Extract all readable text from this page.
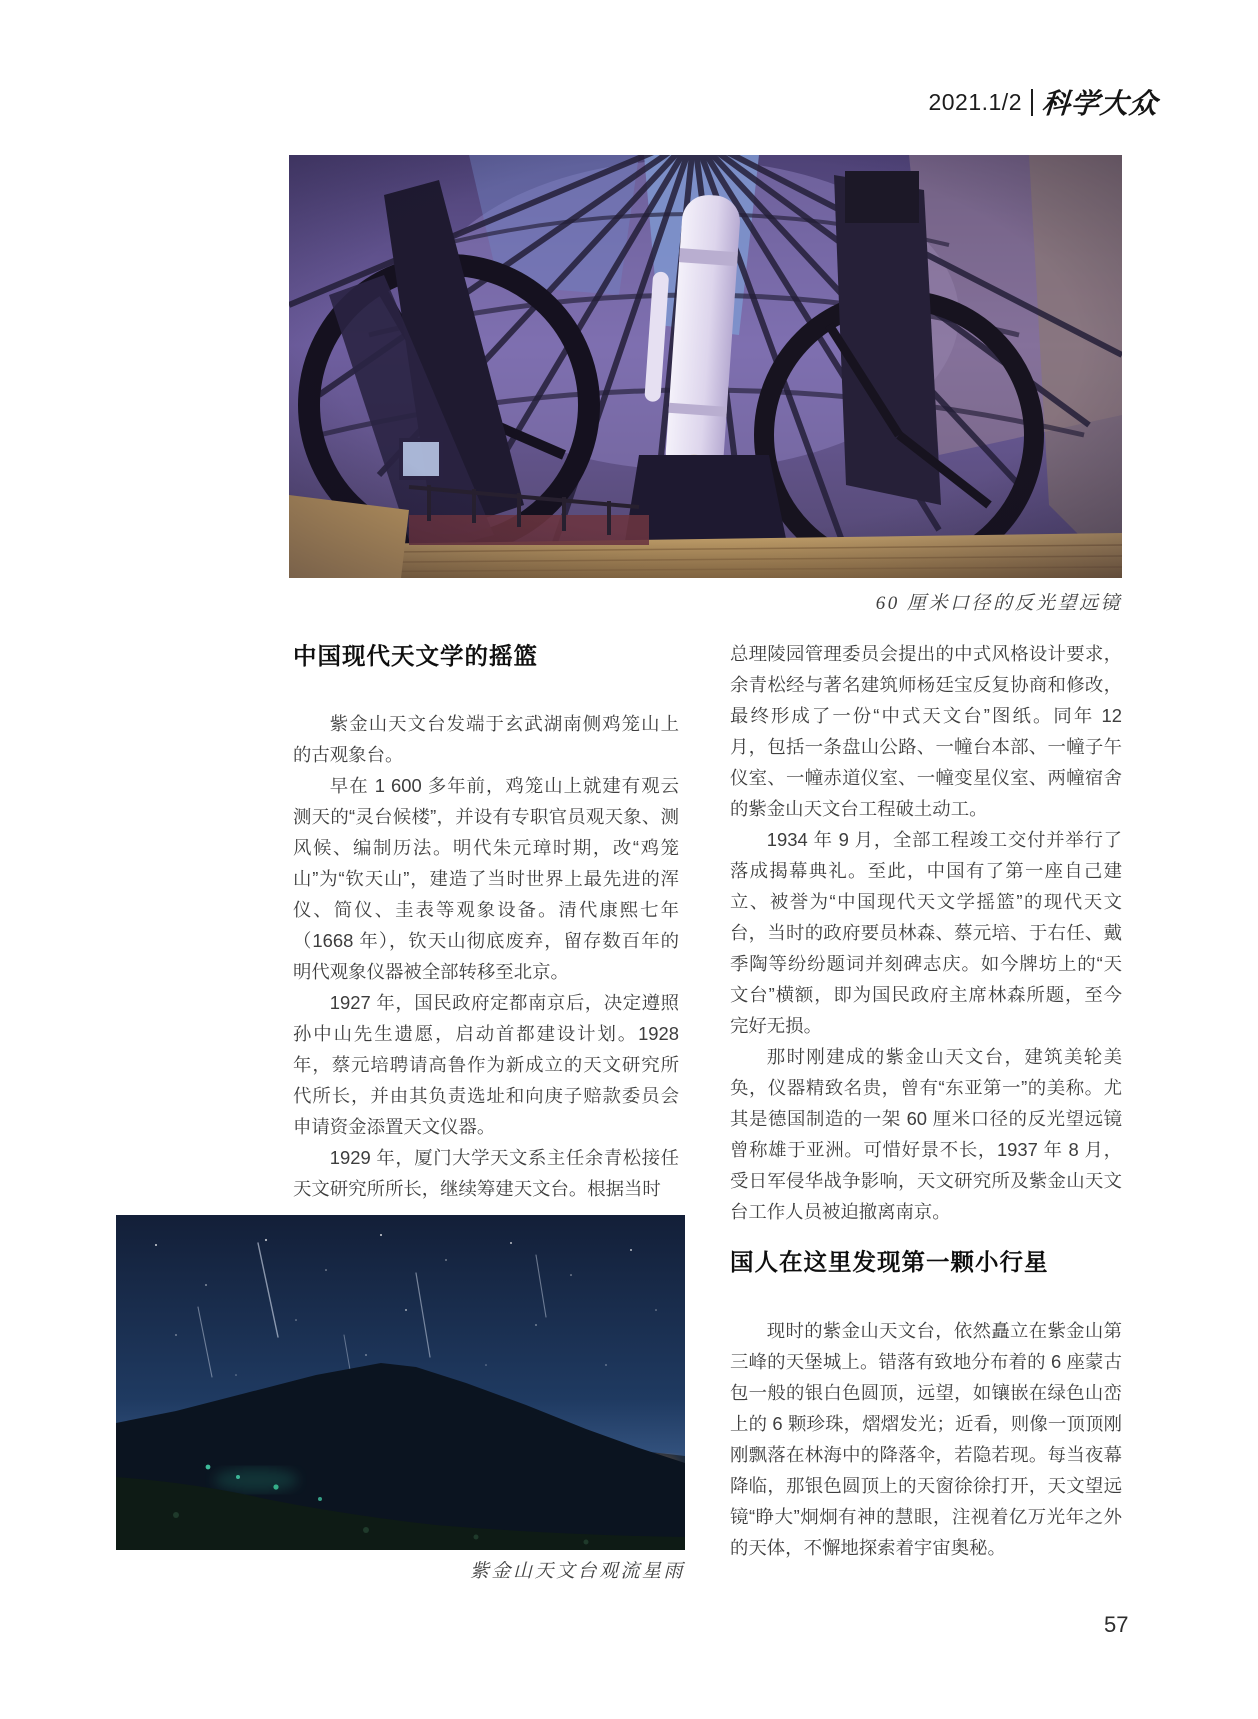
2021.1/2 科学大众
60 厘米口径的反光望远镜
中国现代天文学的摇篮

紫金山天文台发端于玄武湖南侧鸡笼山上的古观象台。

早在 1 600 多年前，鸡笼山上就建有观云测天的“灵台候楼”，并设有专职官员观天象、测风候、编制历法。明代朱元璋时期，改“鸡笼山”为“钦天山”，建造了当时世界上最先进的浑仪、简仪、圭表等观象设备。清代康熙七年（1668 年），钦天山彻底废弃，留存数百年的明代观象仪器被全部转移至北京。

1927 年，国民政府定都南京后，决定遵照孙中山先生遗愿，启动首都建设计划。1928 年，蔡元培聘请高鲁作为新成立的天文研究所代所长，并由其负责选址和向庚子赔款委员会申请资金添置天文仪器。

1929 年，厦门大学天文系主任余青松接任天文研究所所长，继续筹建天文台。根据当时

总理陵园管理委员会提出的中式风格设计要求，余青松经与著名建筑师杨廷宝反复协商和修改，最终形成了一份“中式天文台”图纸。同年 12 月，包括一条盘山公路、一幢台本部、一幢子午仪室、一幢赤道仪室、一幢变星仪室、两幢宿舍的紫金山天文台工程破土动工。

1934 年 9 月，全部工程竣工交付并举行了落成揭幕典礼。至此，中国有了第一座自己建立、被誉为“中国现代天文学摇篮”的现代天文台，当时的政府要员林森、蔡元培、于右任、戴季陶等纷纷题词并刻碑志庆。如今牌坊上的“天文台”横额，即为国民政府主席林森所题，至今完好无损。

那时刚建成的紫金山天文台，建筑美轮美奂，仪器精致名贵，曾有“东亚第一”的美称。尤其是德国制造的一架 60 厘米口径的反光望远镜曾称雄于亚洲。可惜好景不长，1937 年 8 月，受日军侵华战争影响，天文研究所及紫金山天文台工作人员被迫撤离南京。

国人在这里发现第一颗小行星

现时的紫金山天文台，依然矗立在紫金山第三峰的天堡城上。错落有致地分布着的 6 座蒙古包一般的银白色圆顶，远望，如镶嵌在绿色山峦上的 6 颗珍珠，熠熠发光；近看，则像一顶顶刚刚飘落在林海中的降落伞，若隐若现。每当夜幕降临，那银色圆顶上的天窗徐徐打开，天文望远镜“睁大”炯炯有神的慧眼，注视着亿万光年之外的天体，不懈地探索着宇宙奥秘。

紫金山天文台观流星雨
57
